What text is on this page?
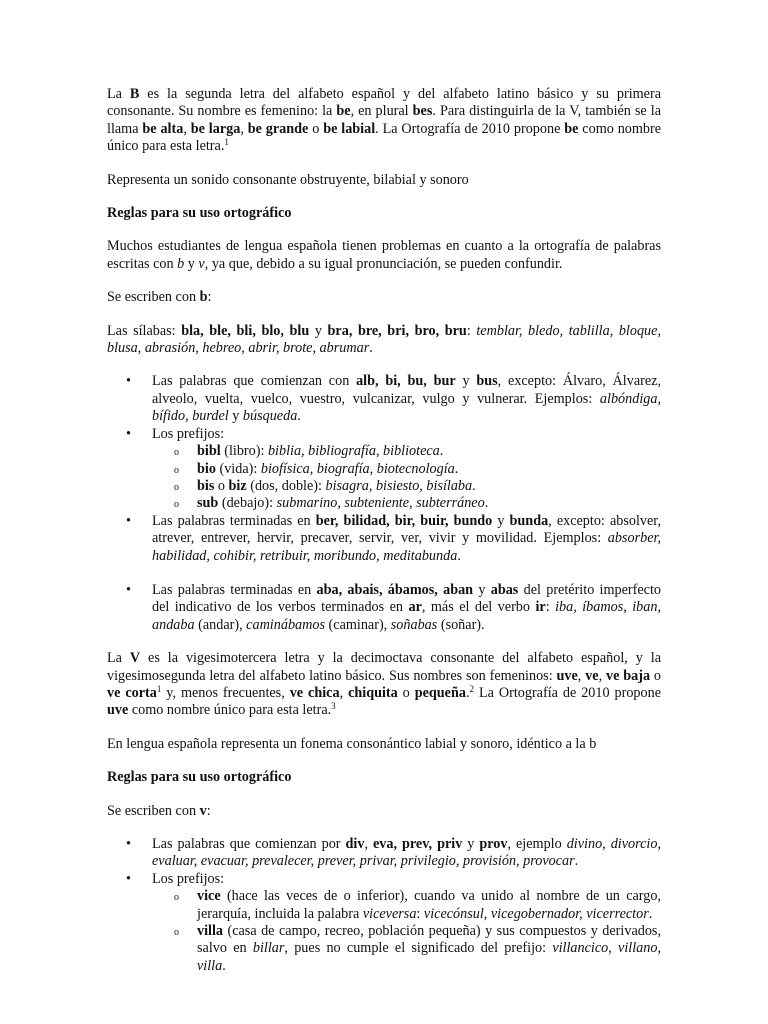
La B es la segunda letra del alfabeto español y del alfabeto latino básico y su primera consonante. Su nombre es femenino: la be, en plural bes. Para distinguirla de la V, también se la llama be alta, be larga, be grande o be labial. La Ortografía de 2010 propone be como nombre único para esta letra.$^1$

Representa un sonido consonante obstruyente, bilabial y sonoro

Reglas para su uso ortográfico

Muchos estudiantes de lengua española tienen problemas en cuanto a la ortografía de palabras escritas con b y v, ya que, debido a su igual pronunciación, se pueden confundir.

Se escriben con b:

Las sílabas: bla, ble, bli, blo, blu y bra, bre, bri, bro, bru: temblar, bledo, tablilla, bloque, blusa, abrasión, hebreo, abrir, brote, abrumar.

• Las palabras que comienzan con alb, bi, bu, bur y bus, excepto: Álvaro, Álvarez, alveolo, vuelta, vuelco, vuestro, vulcanizar, vulgo y vulnerar. Ejemplos: albóndiga, bífido, burdel y búsqueda.
• Los prefijos:
o bibl (libro): biblia, bibliografía, biblioteca.
o bio (vida): biofísica, biografía, biotecnología.
o bis o biz (dos, doble): bisagra, bisiesto, bisílaba.
o sub (debajo): submarino, subteniente, subterráneo.
• Las palabras terminadas en ber, bilidad, bir, buir, bundo y bunda, excepto: absolver, atrever, entrever, hervir, precaver, servir, ver, vivir y movilidad. Ejemplos: absorber, habilidad, cohibir, retribuir, moribundo, meditabunda.
• Las palabras terminadas en aba, abais, ábamos, aban y abas del pretérito imperfecto del indicativo de los verbos terminados en ar, más el del verbo ir: iba, íbamos, iban, andaba (andar), caminábamos (caminar), soñabas (soñar).

La V es la vigesimotercera letra y la decimoctava consonante del alfabeto español, y la vigesimosegunda letra del alfabeto latino básico. Sus nombres son femeninos: uve, ve, ve baja o ve corta$^1$ y, menos frecuentes, ve chica, chiquita o pequeña.$^2$ La Ortografía de 2010 propone uve como nombre único para esta letra.$^3$

En lengua española representa un fonema consonántico labial y sonoro, idéntico a la b

Reglas para su uso ortográfico

Se escriben con v:

• Las palabras que comienzan por div, eva, prev, priv y prov, ejemplo divino, divorcio, evaluar, evacuar, prevalecer, prever, privar, privilegio, provisión, provocar.
• Los prefijos:
o vice (hace las veces de o inferior), cuando va unido al nombre de un cargo, jerarquía, incluida la palabra viceversa: vicecónsul, vicegobernador, vicerrector.
o villa (casa de campo, recreo, población pequeña) y sus compuestos y derivados, salvo en billar, pues no cumple el significado del prefijo: villancico, villano, villa.
